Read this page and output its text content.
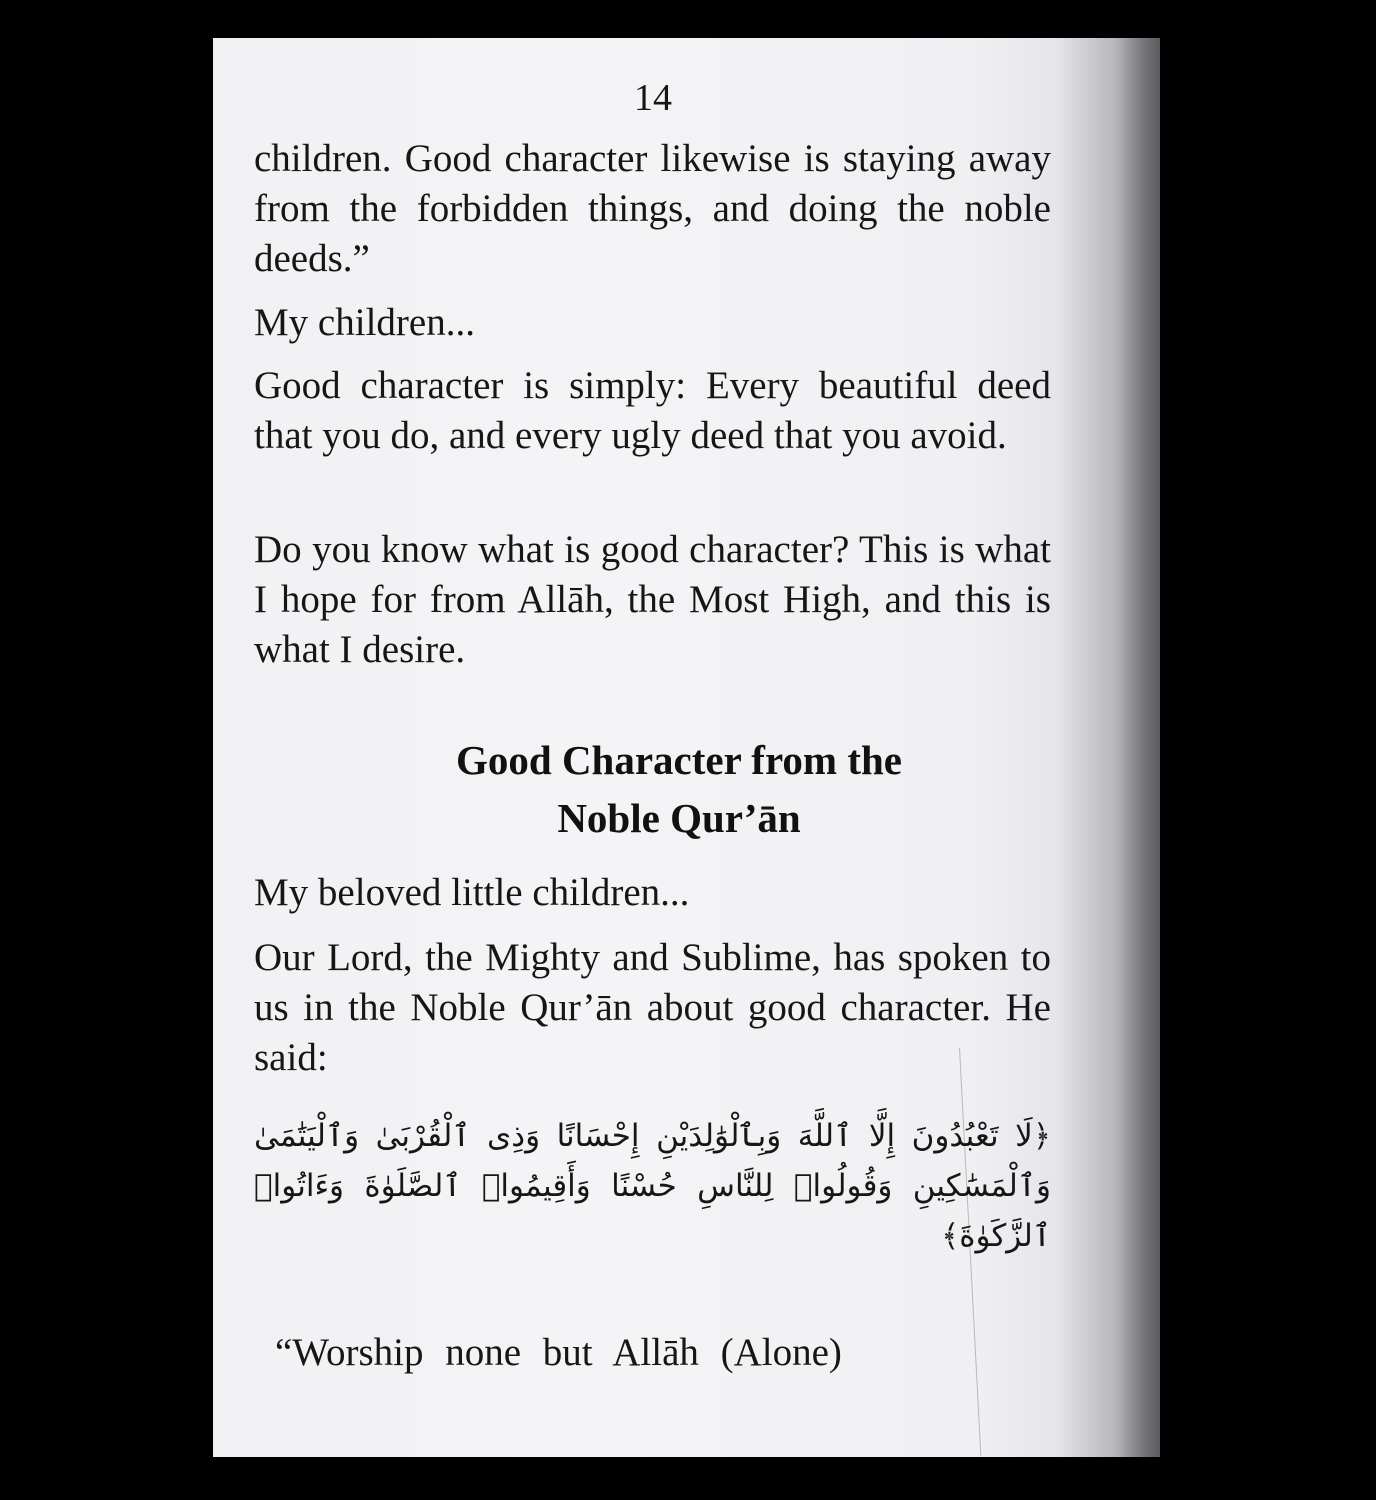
14

children. Good character likewise is staying away from the forbidden things, and doing the noble deeds.”

My children...

Good character is simply: Every beautiful deed that you do, and every ugly deed that you avoid.

Do you know what is good character? This is what I hope for from Allāh, the Most High, and this is what I desire.

Good Character from the
Noble Qur’ān

My beloved little children...

Our Lord, the Mighty and Sublime, has spoken to us in the Noble Qur’ān about good character. He said:

﴿لَا تَعْبُدُونَ إِلَّا ٱللَّهَ وَبِٱلْوَٰلِدَيْنِ إِحْسَانًا وَذِى ٱلْقُرْبَىٰ وَٱلْيَتَٰمَىٰ وَٱلْمَسَٰكِينِ وَقُولُوا۟ لِلنَّاسِ حُسْنًا وَأَقِيمُوا۟ ٱلصَّلَوٰةَ وَءَاتُوا۟ ٱلزَّكَوٰةَ﴾

“Worship none but Allāh (Alone)
